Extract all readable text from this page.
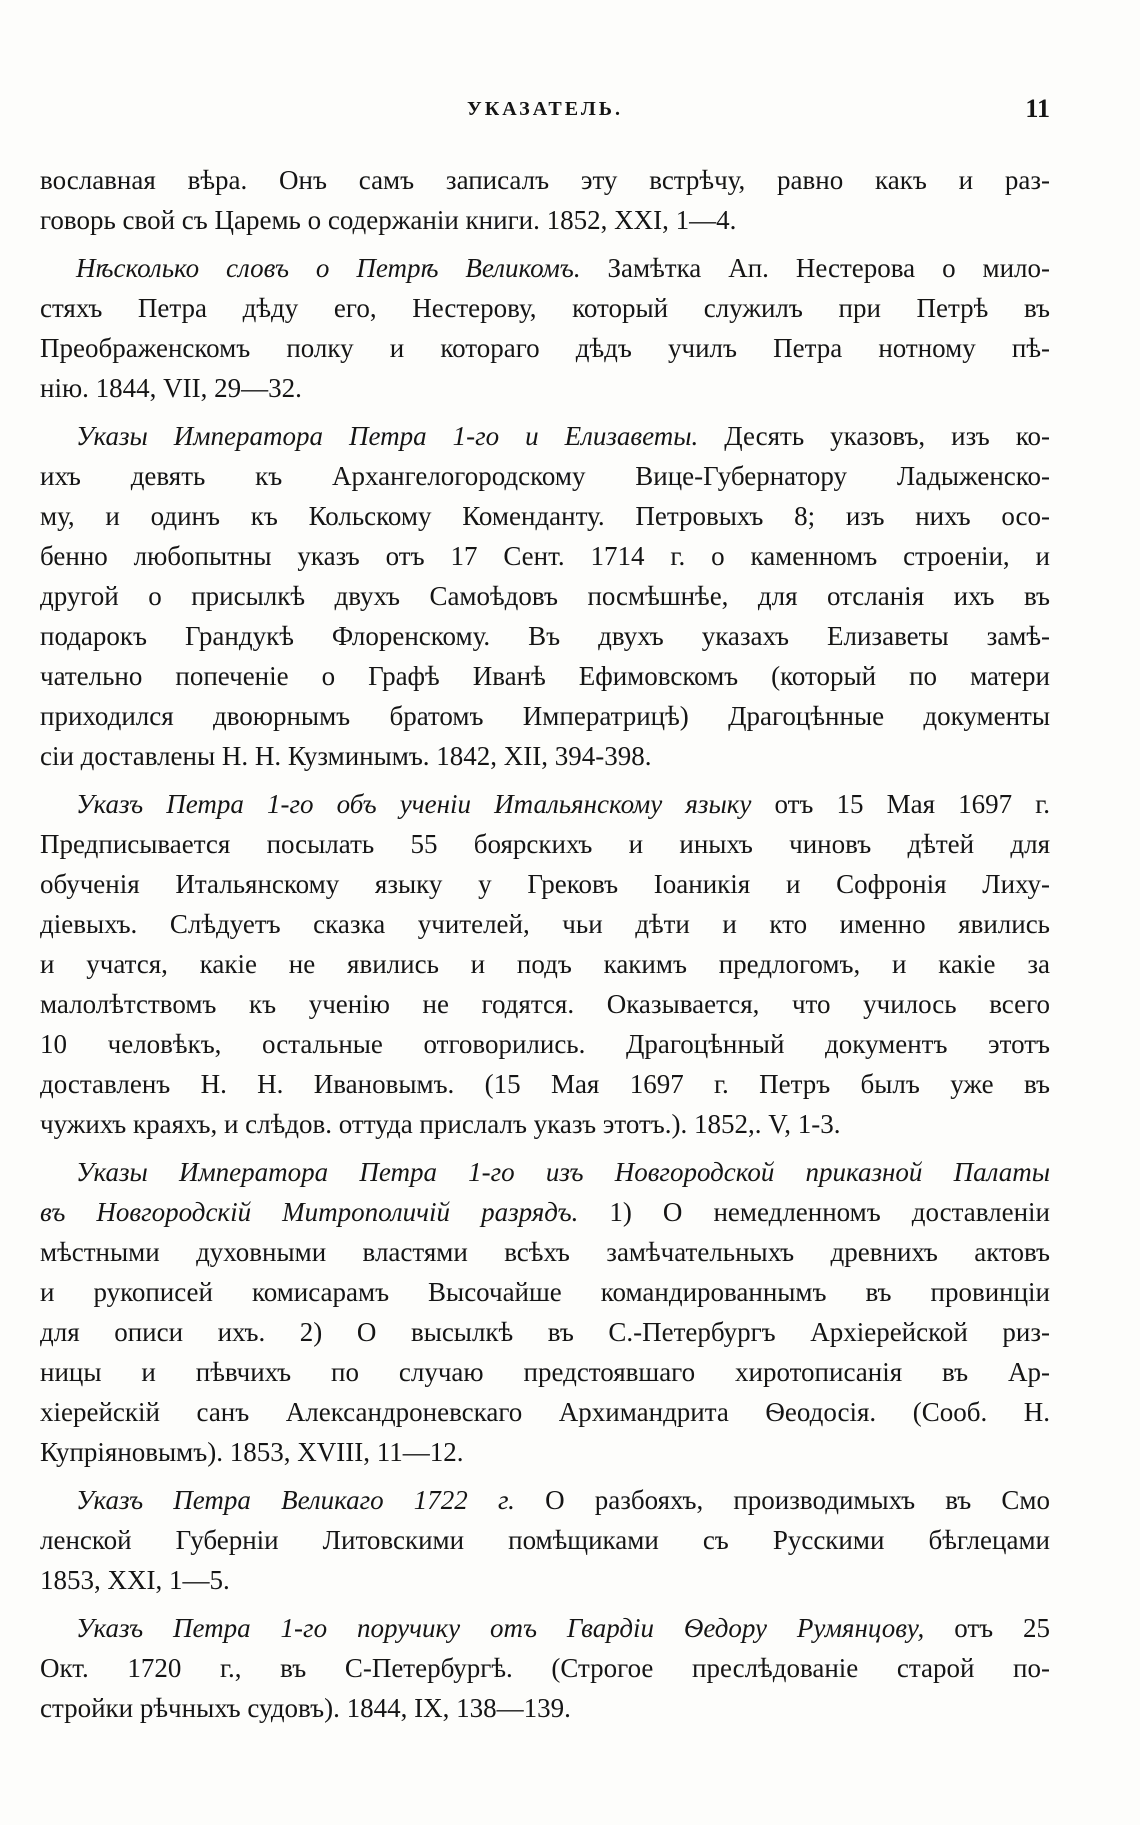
УКАЗАТЕЛЬ.	11
вославная вѣра. Онъ самъ записалъ эту встрѣчу, равно какъ и раз-
говорь свой съ Царемь о содержаніи книги. 1852, XXI, 1—4.
Нѣсколько словъ о Петрѣ Великомъ. Замѣтка Ап. Нестерова о мило-
стяхъ Петра дѣду его, Нестерову, который служилъ при Петрѣ въ
Преображенскомъ полку и котораго дѣдъ училъ Петра нотному пѣ-
нію. 1844, VII, 29—32.
Указы Императора Петра 1-го и Елизаветы. Десять указовъ, изъ ко-
ихъ девять къ Архангелогородскому Вице-Губернатору Ладыженско-
му, и одинъ къ Кольскому Коменданту. Петровыхъ 8; изъ нихъ осо-
бенно любопытны указъ отъ 17 Сент. 1714 г. о каменномъ строеніи, и
другой о присылкѣ двухъ Самоѣдовъ посмѣшнѣе, для отсланія ихъ въ
подарокъ Грандукѣ Флоренскому. Въ двухъ указахъ Елизаветы замѣ-
чательно попеченіе о Графѣ Иванѣ Ефимовскомъ (который по матери
приходился двоюрнымъ братомъ Императрицѣ) Драгоцѣнные документы
сіи доставлены Н. Н. Кузминымъ. 1842, XII, 394-398.
Указъ Петра 1-го объ ученіи Итальянскому языку отъ 15 Мая 1697 г.
Предписывается посылать 55 боярскихъ и иныхъ чиновъ дѣтей для
обученія Итальянскому языку у Грековъ Іоаникія и Софронія Лиху-
дiевыхъ. Слѣдуетъ сказка учителей, чьи дѣти и кто именно явились
и учатся, какіе не явились и подъ какимъ предлогомъ, и какіе за
малолѣтствомъ къ ученію не годятся. Оказывается, что училось всего
10 человѣкъ, остальные отговорились. Драгоцѣнный документъ этотъ
доставленъ Н. Н. Ивановымъ. (15 Мая 1697 г. Петръ былъ уже въ
чужихъ краяхъ, и слѣдов. оттуда прислалъ указъ этотъ.). 1852,. V, 1-3.
Указы Императора Петра 1-го изъ Новгородской приказной Палаты
въ Новгородскій Митрополичій разрядъ. 1) О немедленномъ доставленіи
мѣстными духовными властями всѣхъ замѣчательныхъ древнихъ актовъ
и рукописей комисарамъ Высочайше командированнымъ въ провинціи
для описи ихъ. 2) О высылкѣ въ С.-Петербургъ Архіерейской риз-
ницы и пѣвчихъ по случаю предстоявшаго хиротописанія въ Ар-
хіерейскій санъ Александроневскаго Архимандрита Ѳеодосія. (Сооб. Н.
Купріяновымъ). 1853, XVIII, 11—12.
Указъ Петра Великаго 1722 г. О разбояхъ, производимыхъ въ Смо
ленской Губерніи Литовскими помѣщиками съ Русскими бѣглецами
1853, XXI, 1—5.
Указъ Петра 1-го поручику отъ Гвардіи Ѳедору Румянцову, отъ 25
Окт. 1720 г., въ С-Петербургѣ. (Строгое преслѣдованіе старой по-
стройки рѣчныхъ судовъ). 1844, IX, 138—139.
